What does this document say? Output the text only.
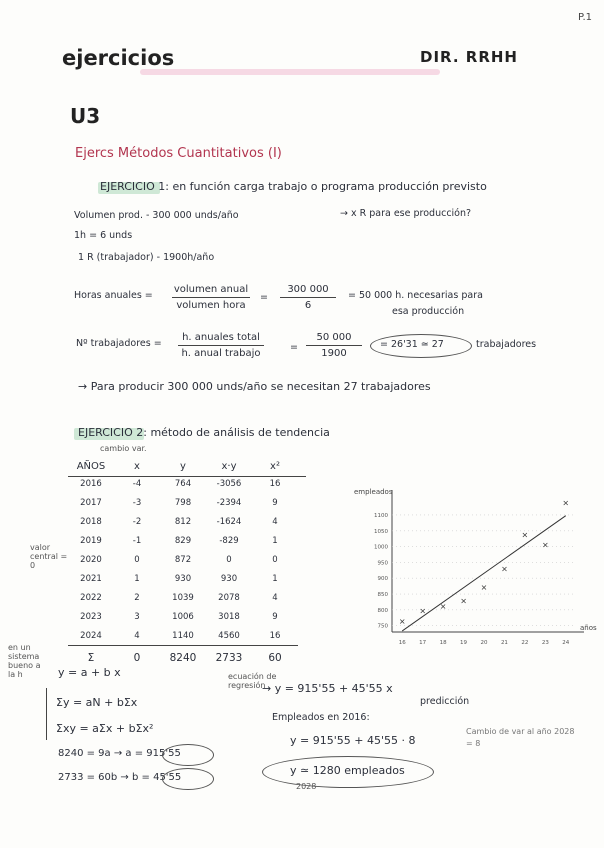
P.1
ejercicios	DIR. RRHH
U3
Ejercs Métodos Cuantitativos (I)
EJERCICIO 1: en función carga trabajo o programa producción previsto
Volumen prod. - 300 000 unds/año	→ x R para ese producción?
1h = 6 unds
1 R (trabajador) - 1900h/año
Horas anuales =
volumen anual
volumen hora
=
300 000
6
= 50 000 h. necesarias para
esa producción
Nº trabajadores =
h. anuales total
h. anual trabajo
=
50 000
1900
= 26'31 ≃ 27	trabajadores
→ Para producir 300 000 unds/año se necesitan 27 trabajadores
EJERCICIO 2: método de análisis de tendencia
cambio var.
AÑOS	x	y	x·y	x²
2016	-4	764	-3056	16
2017	-3	798	-2394	9
2018	-2	812	-1624	4
2019	-1	829	-829	1
2020	0	872	0	0
2021	1	930	930	1
2022	2	1039	2078	4
2023	3	1006	3018	9
2024	4	1140	4560	16
Σ	0	8240	2733	60
valor central = 0
en un sistema bueno a la h
empleados
años
750
800
850
900
950
1000
1050
1100
16 17 18 19 20 21 22 23 24
×
× ×
×
×
×
×
×
×
y = a + b x
Σy = aN + bΣx
Σxy = aΣx + bΣx²
8240 = 9a → a = 915'55
2733 = 60b → b = 45'55
ecuación de regresión
→ y = 915'55 + 45'55 x
predicción
Empleados en 2016:
y = 915'55 + 45'55 · 8
Cambio de var al año 2028 = 8
y ≃ 1280 empleados
2028
